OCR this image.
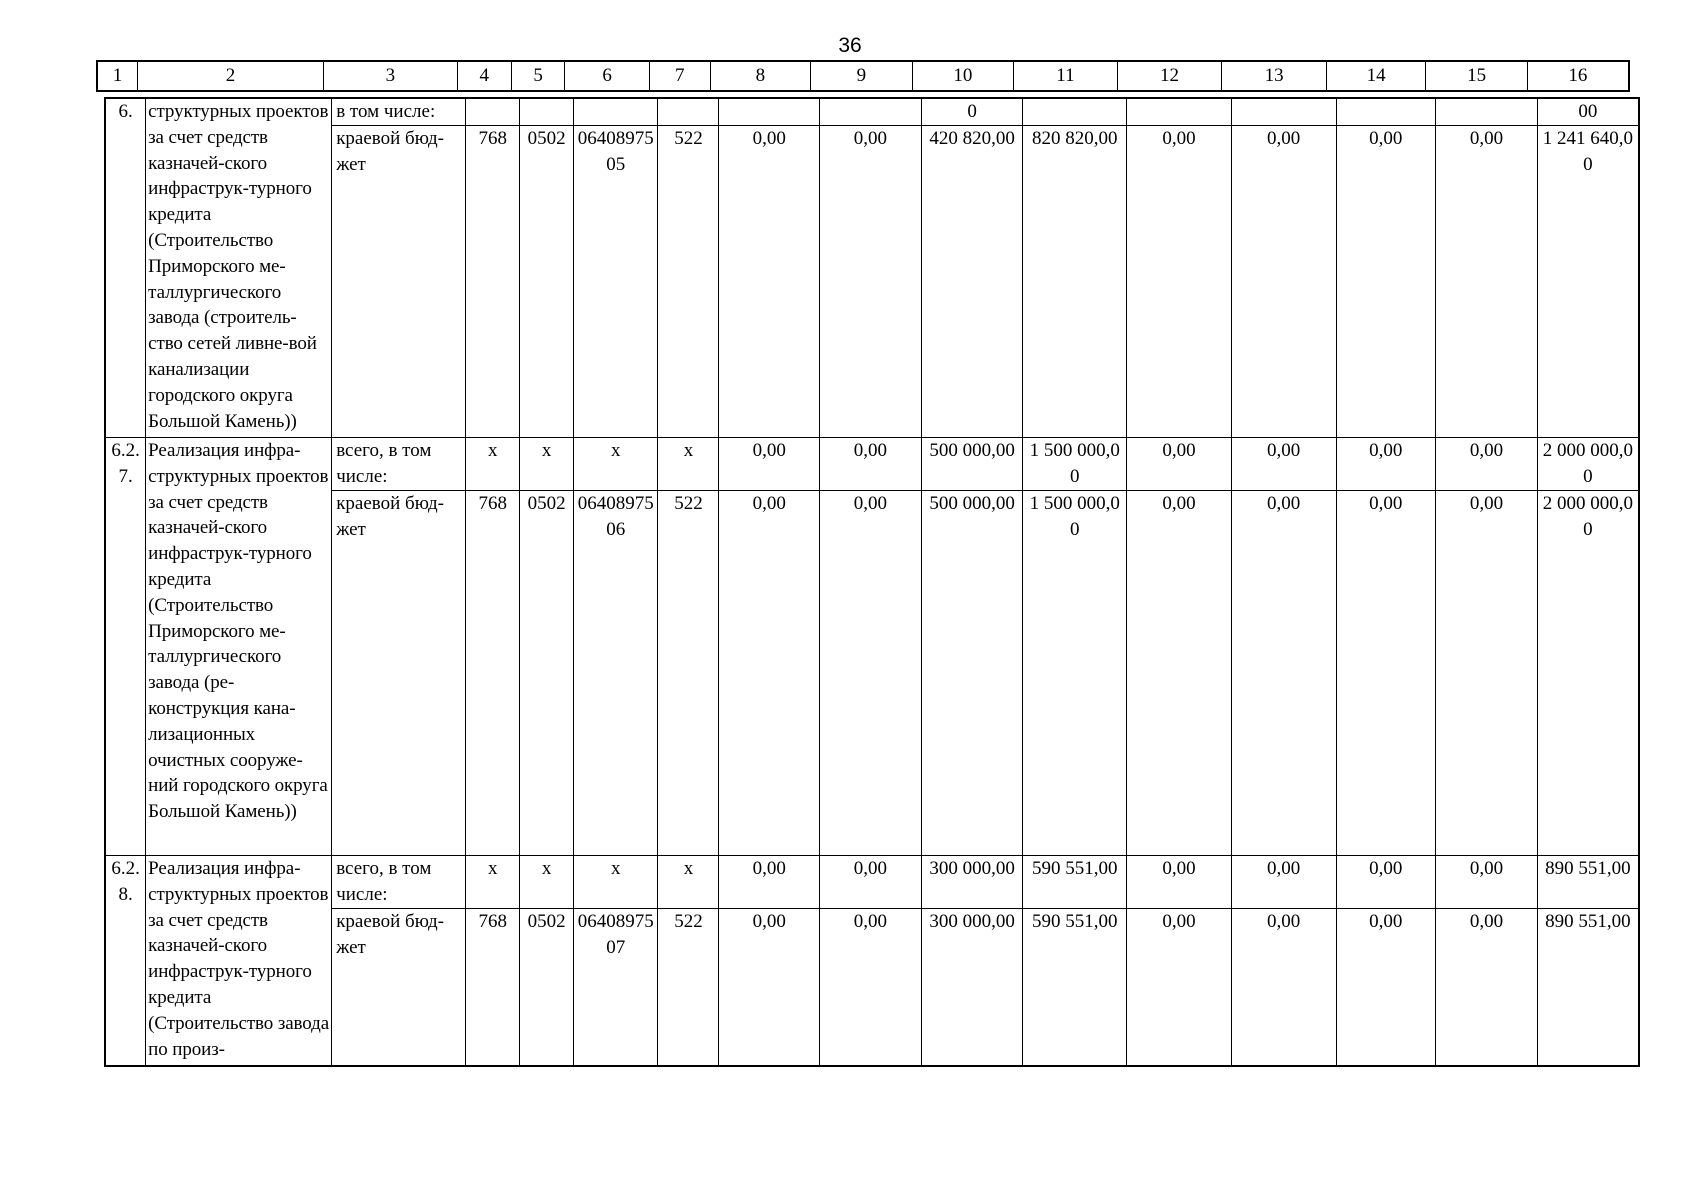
36
1	2	3	4	5	6	7	8	9	10	11	12	13	14	15	16
6.	структурных проектов за счет средств казначей-ского инфраструк-турного кредита (Строительство Приморского ме-таллургического завода (строитель-ство сетей ливне-вой канализации городского округа Большой Камень))	в том числе:							0						00
		краевой бюд-жет	768	0502	0640897505	522	0,00	0,00	420 820,00	820 820,00	0,00	0,00	0,00	0,00	1 241 640,00
6.2.7.	Реализация инфра-структурных проектов за счет средств казначей-ского инфраструк-турного кредита (Строительство Приморского ме-таллургического завода (ре-конструкция кана-лизационных очистных сооруже-ний городского округа Большой Камень))	всего, в том числе:	х	х	х	х	0,00	0,00	500 000,00	1 500 000,00	0,00	0,00	0,00	0,00	2 000 000,00
		краевой бюд-жет	768	0502	0640897506	522	0,00	0,00	500 000,00	1 500 000,00	0,00	0,00	0,00	0,00	2 000 000,00
6.2.8.	Реализация инфра-структурных проектов за счет средств казначей-ского инфраструк-турного кредита (Строительство завода по произ-	всего, в том числе:	х	х	х	х	0,00	0,00	300 000,00	590 551,00	0,00	0,00	0,00	0,00	890 551,00
		краевой бюд-жет	768	0502	0640897507	522	0,00	0,00	300 000,00	590 551,00	0,00	0,00	0,00	0,00	890 551,00
